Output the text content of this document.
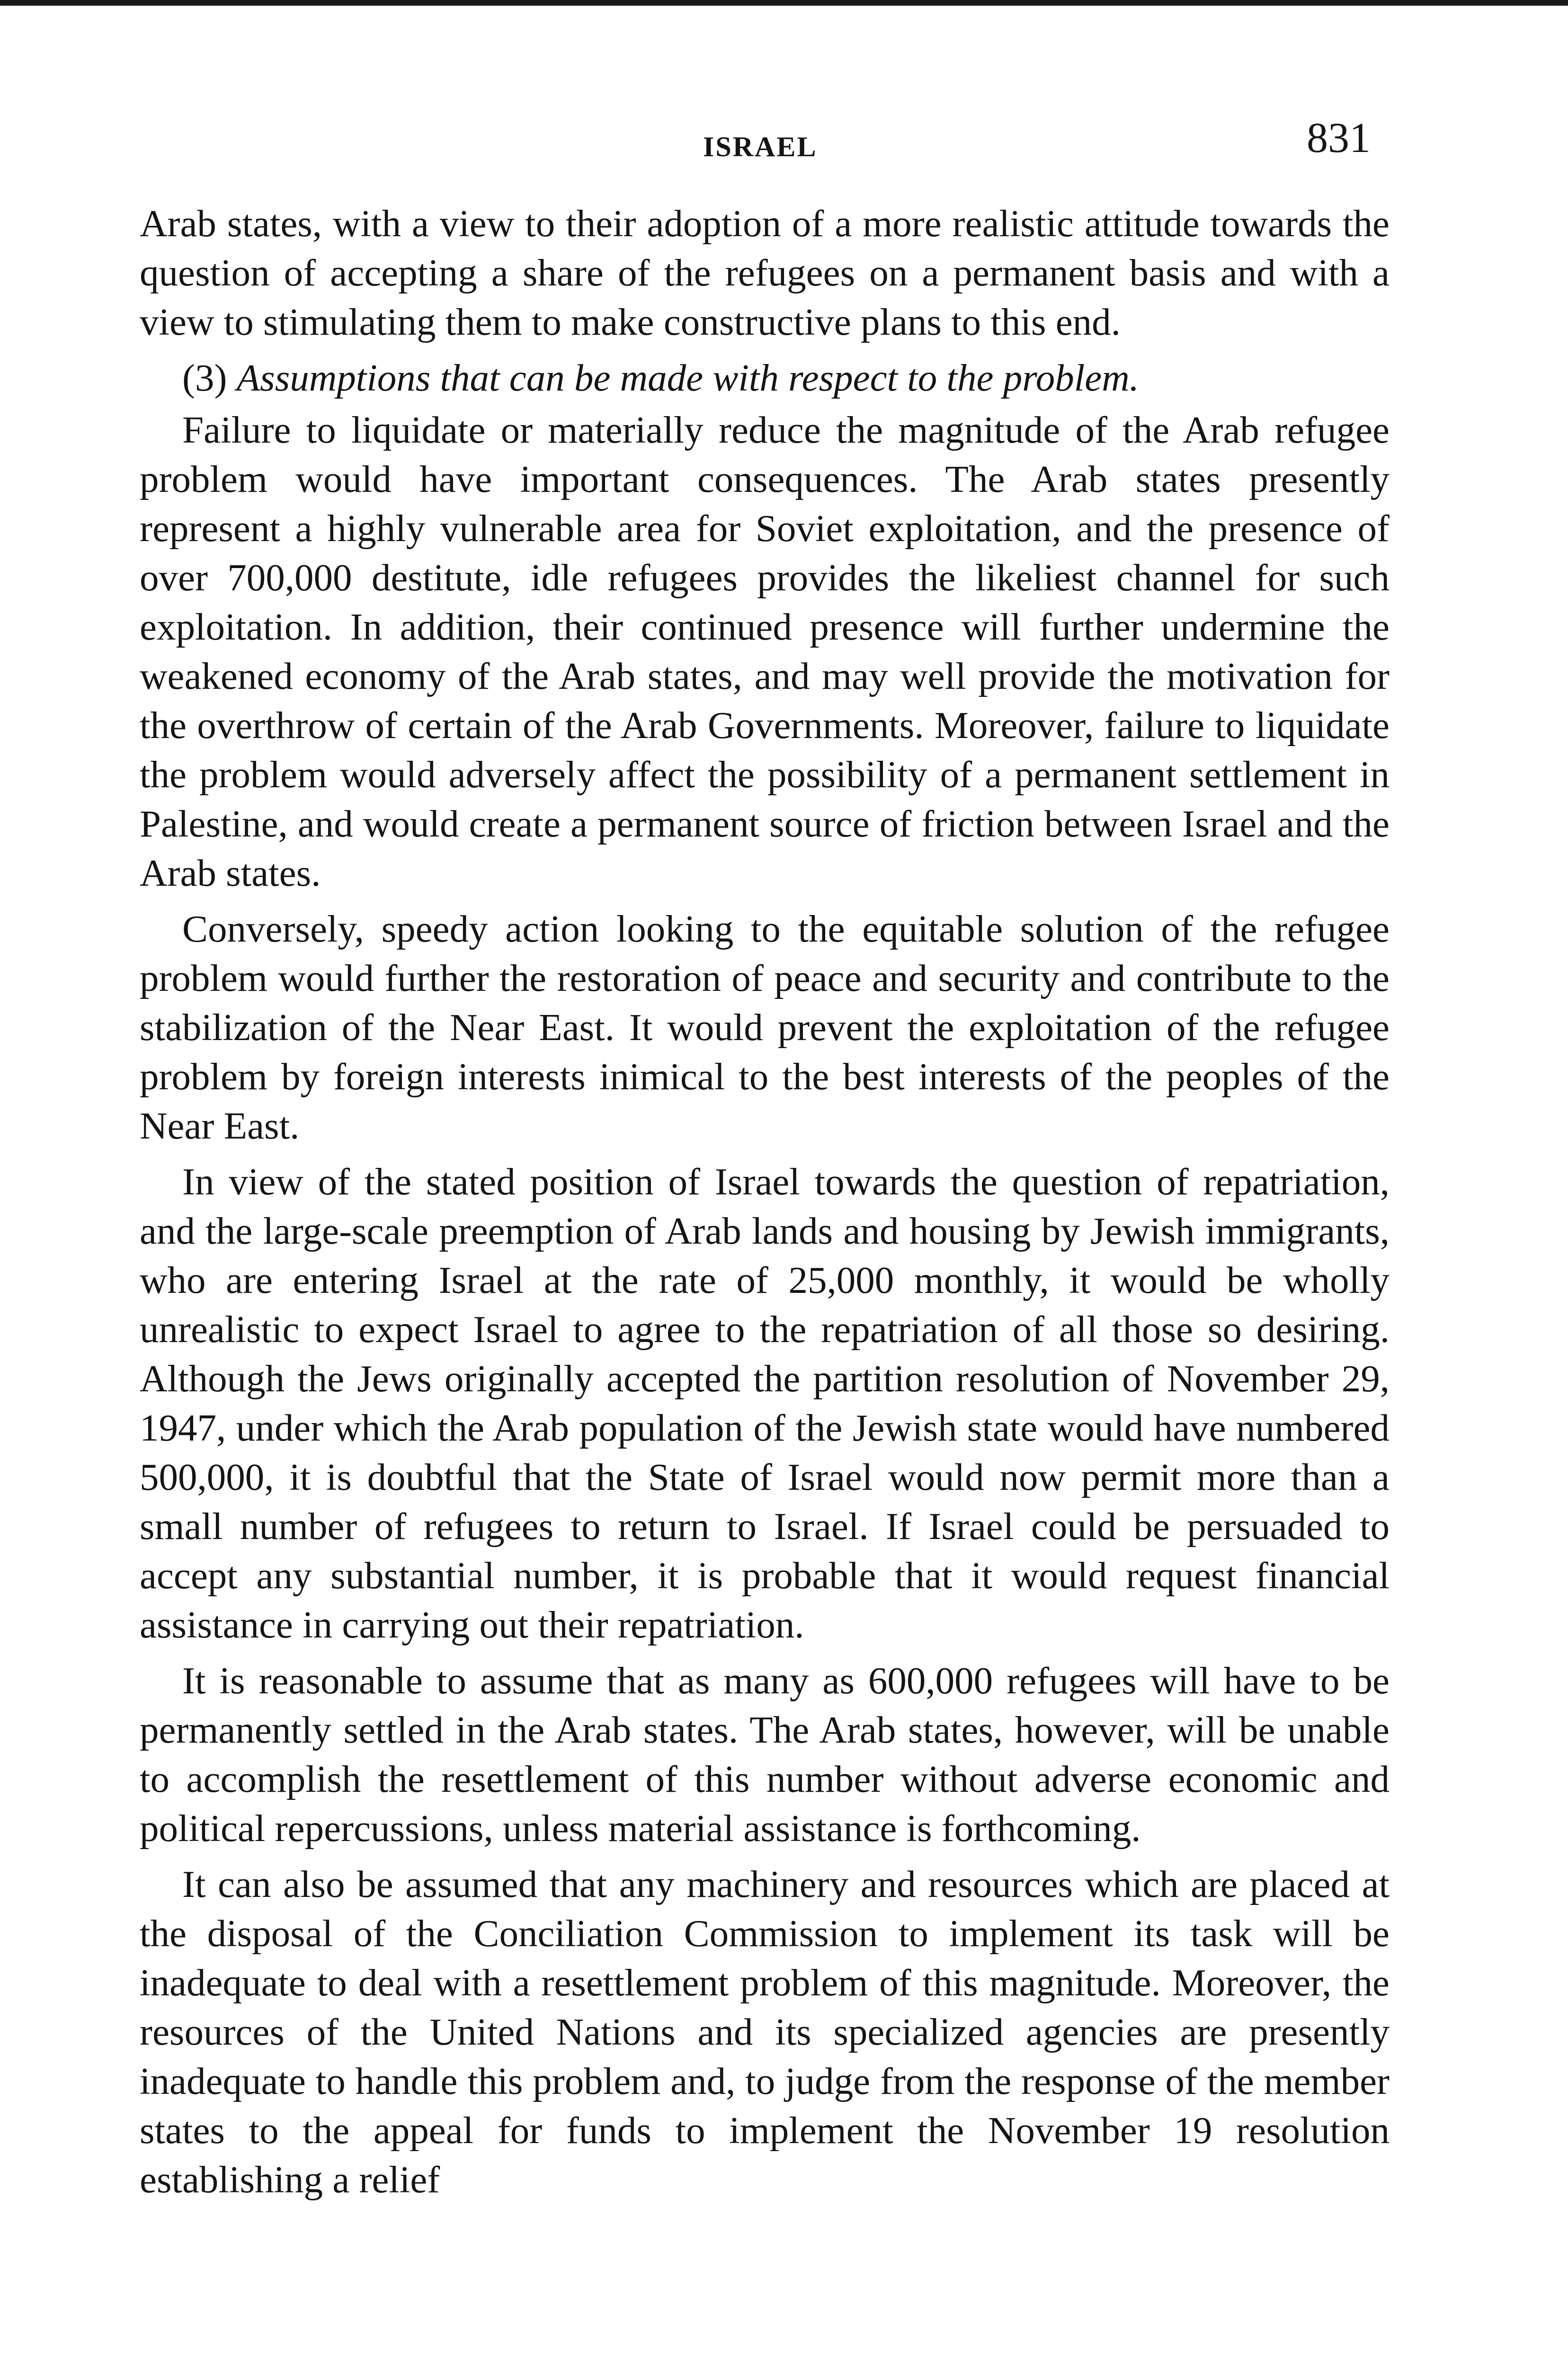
ISRAEL	831

Arab states, with a view to their adoption of a more realistic attitude towards the question of accepting a share of the refugees on a permanent basis and with a view to stimulating them to make constructive plans to this end.

(3) Assumptions that can be made with respect to the problem.

Failure to liquidate or materially reduce the magnitude of the Arab refugee problem would have important consequences. The Arab states presently represent a highly vulnerable area for Soviet exploitation, and the presence of over 700,000 destitute, idle refugees provides the likeliest channel for such exploitation. In addition, their continued presence will further undermine the weakened economy of the Arab states, and may well provide the motivation for the overthrow of certain of the Arab Governments. Moreover, failure to liquidate the problem would adversely affect the possibility of a permanent settlement in Palestine, and would create a permanent source of friction between Israel and the Arab states.

Conversely, speedy action looking to the equitable solution of the refugee problem would further the restoration of peace and security and contribute to the stabilization of the Near East. It would prevent the exploitation of the refugee problem by foreign interests inimical to the best interests of the peoples of the Near East.

In view of the stated position of Israel towards the question of repatriation, and the large-scale preemption of Arab lands and housing by Jewish immigrants, who are entering Israel at the rate of 25,000 monthly, it would be wholly unrealistic to expect Israel to agree to the repatriation of all those so desiring. Although the Jews originally accepted the partition resolution of November 29, 1947, under which the Arab population of the Jewish state would have numbered 500,000, it is doubtful that the State of Israel would now permit more than a small number of refugees to return to Israel. If Israel could be persuaded to accept any substantial number, it is probable that it would request financial assistance in carrying out their repatriation.

It is reasonable to assume that as many as 600,000 refugees will have to be permanently settled in the Arab states. The Arab states, however, will be unable to accomplish the resettlement of this number without adverse economic and political repercussions, unless material assistance is forthcoming.

It can also be assumed that any machinery and resources which are placed at the disposal of the Conciliation Commission to implement its task will be inadequate to deal with a resettlement problem of this magnitude. Moreover, the resources of the United Nations and its specialized agencies are presently inadequate to handle this problem and, to judge from the response of the member states to the appeal for funds to implement the November 19 resolution establishing a relief
